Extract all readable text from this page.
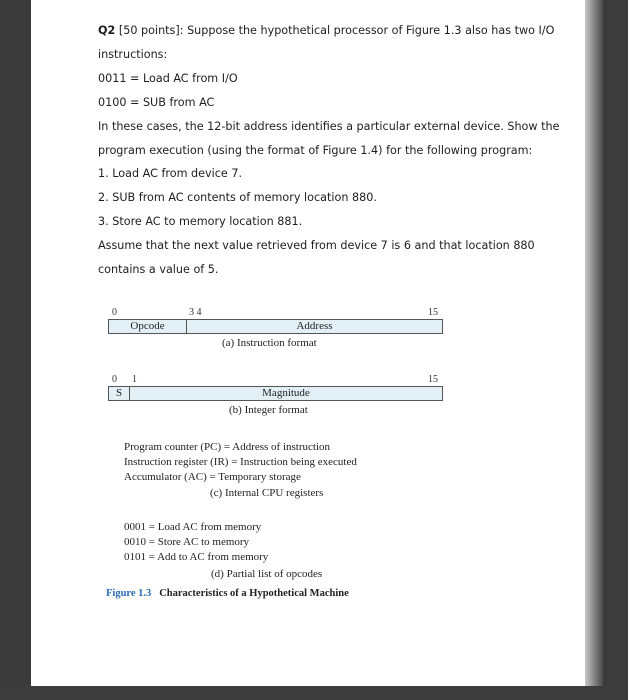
Q2 [50 points]: Suppose the hypothetical processor of Figure 1.3 also has two I/O
instructions:
0011 = Load AC from I/O
0100 = SUB from AC
In these cases, the 12-bit address identifies a particular external device. Show the
program execution (using the format of Figure 1.4) for the following program:
1. Load AC from device 7.
2. SUB from AC contents of memory location 880.
3. Store AC to memory location 881.
Assume that the next value retrieved from device 7 is 6 and that location 880
contains a value of 5.
0	3 4	15
Opcode	Address
(a) Instruction format
0 1	15
S	Magnitude
(b) Integer format
Program counter (PC) = Address of instruction
Instruction register (IR) = Instruction being executed
Accumulator (AC) = Temporary storage
(c) Internal CPU registers
0001 = Load AC from memory
0010 = Store AC to memory
0101 = Add to AC from memory
(d) Partial list of opcodes
Figure 1.3 Characteristics of a Hypothetical Machine
